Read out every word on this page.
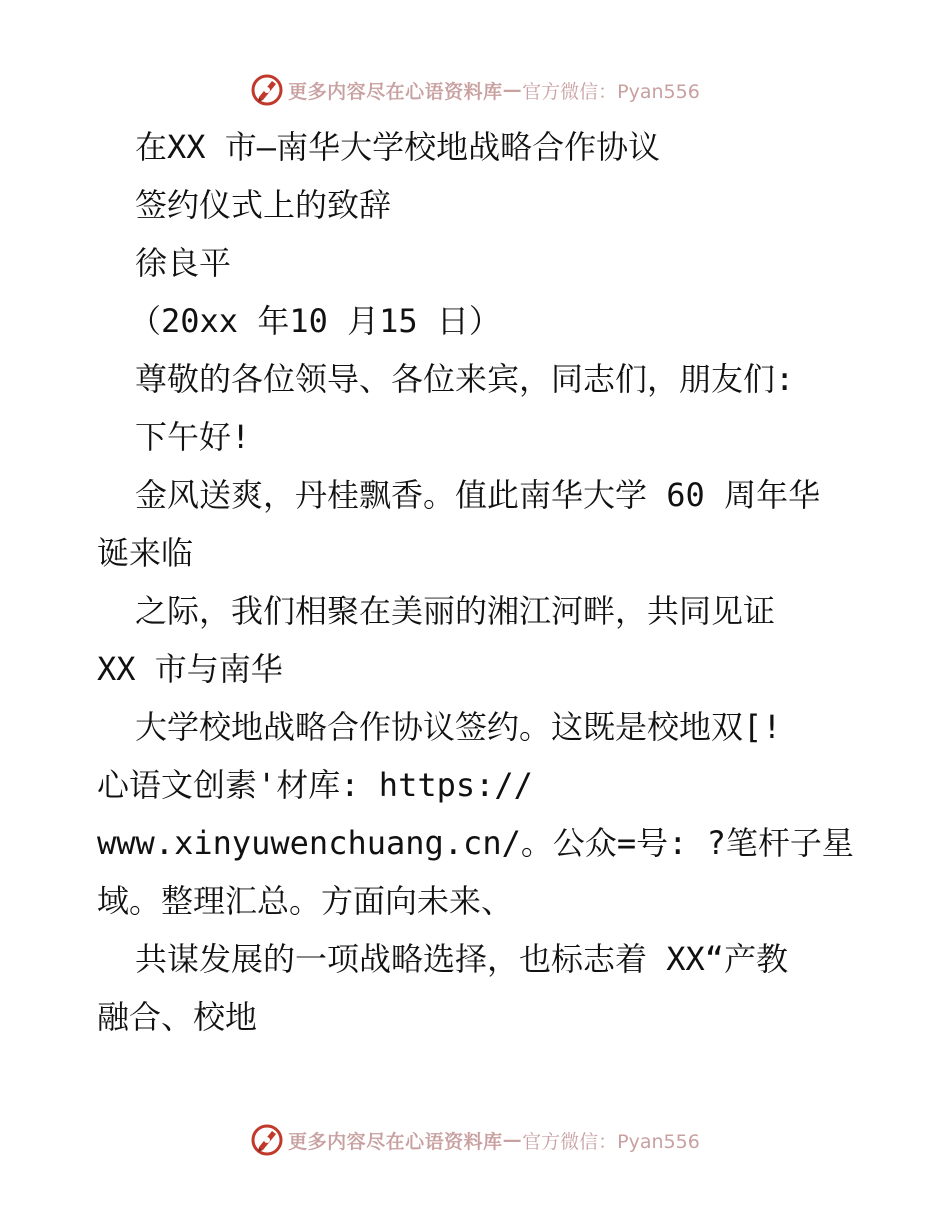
更多内容尽在心语资料库 — 官方微信：Pyan556
在XX 市—南华大学校地战略合作协议
签约仪式上的致辞
徐良平
（20xx 年10 月15 日）
尊敬的各位领导、各位来宾，同志们，朋友们:
下午好!
金风送爽，丹桂飘香。值此南华大学 60 周年华
诞来临
之际，我们相聚在美丽的湘江河畔，共同见证
XX 市与南华
大学校地战略合作协议签约。这既是校地双[!
心语文创素'材库: https://
www.xinyuwenchuang.cn/。公众=号: ?笔杆子星
域。整理汇总。方面向未来、
共谋发展的一项战略选择，也标志着 XX“产教
融合、校地
更多内容尽在心语资料库 — 官方微信：Pyan556
